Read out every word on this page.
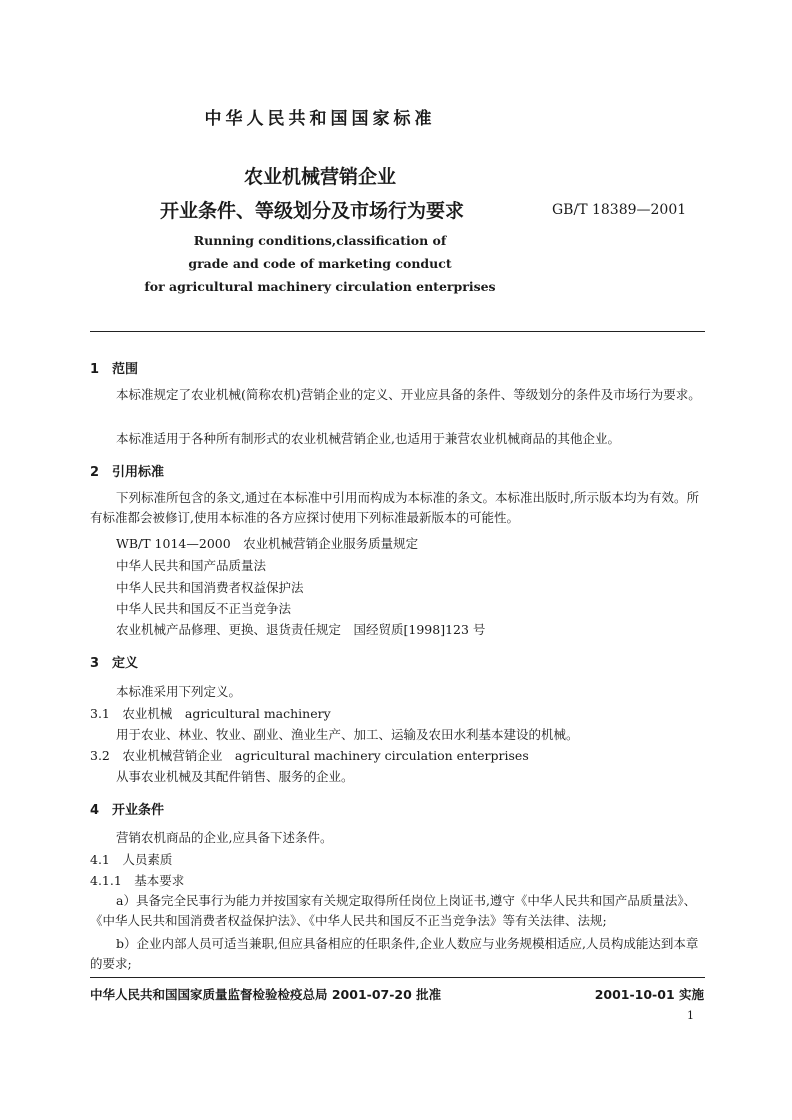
中华人民共和国国家标准
农业机械营销企业
开业条件、等级划分及市场行为要求	GB/T 18389—2001
Running conditions,classification of
grade and code of marketing conduct
for agricultural machinery circulation enterprises
1　范围
本标准规定了农业机械(简称农机)营销企业的定义、开业应具备的条件、等级划分的条件及市场行为要求。
本标准适用于各种所有制形式的农业机械营销企业,也适用于兼营农业机械商品的其他企业。
2　引用标准
下列标准所包含的条文,通过在本标准中引用而构成为本标准的条文。本标准出版时,所示版本均为有效。所有标准都会被修订,使用本标准的各方应探讨使用下列标准最新版本的可能性。
WB/T 1014—2000　农业机械营销企业服务质量规定
中华人民共和国产品质量法
中华人民共和国消费者权益保护法
中华人民共和国反不正当竞争法
农业机械产品修理、更换、退货责任规定　国经贸质[1998]123 号
3　定义
本标准采用下列定义。
3.1　农业机械　agricultural machinery
用于农业、林业、牧业、副业、渔业生产、加工、运输及农田水利基本建设的机械。
3.2　农业机械营销企业　agricultural machinery circulation enterprises
从事农业机械及其配件销售、服务的企业。
4　开业条件
营销农机商品的企业,应具备下述条件。
4.1　人员素质
4.1.1　基本要求
a）具备完全民事行为能力并按国家有关规定取得所任岗位上岗证书,遵守《中华人民共和国产品质量法》、《中华人民共和国消费者权益保护法》、《中华人民共和国反不正当竞争法》等有关法律、法规;
b）企业内部人员可适当兼职,但应具备相应的任职条件,企业人数应与业务规模相适应,人员构成能达到本章的要求;
中华人民共和国国家质量监督检验检疫总局 2001-07-20 批准	2001-10-01 实施
1
